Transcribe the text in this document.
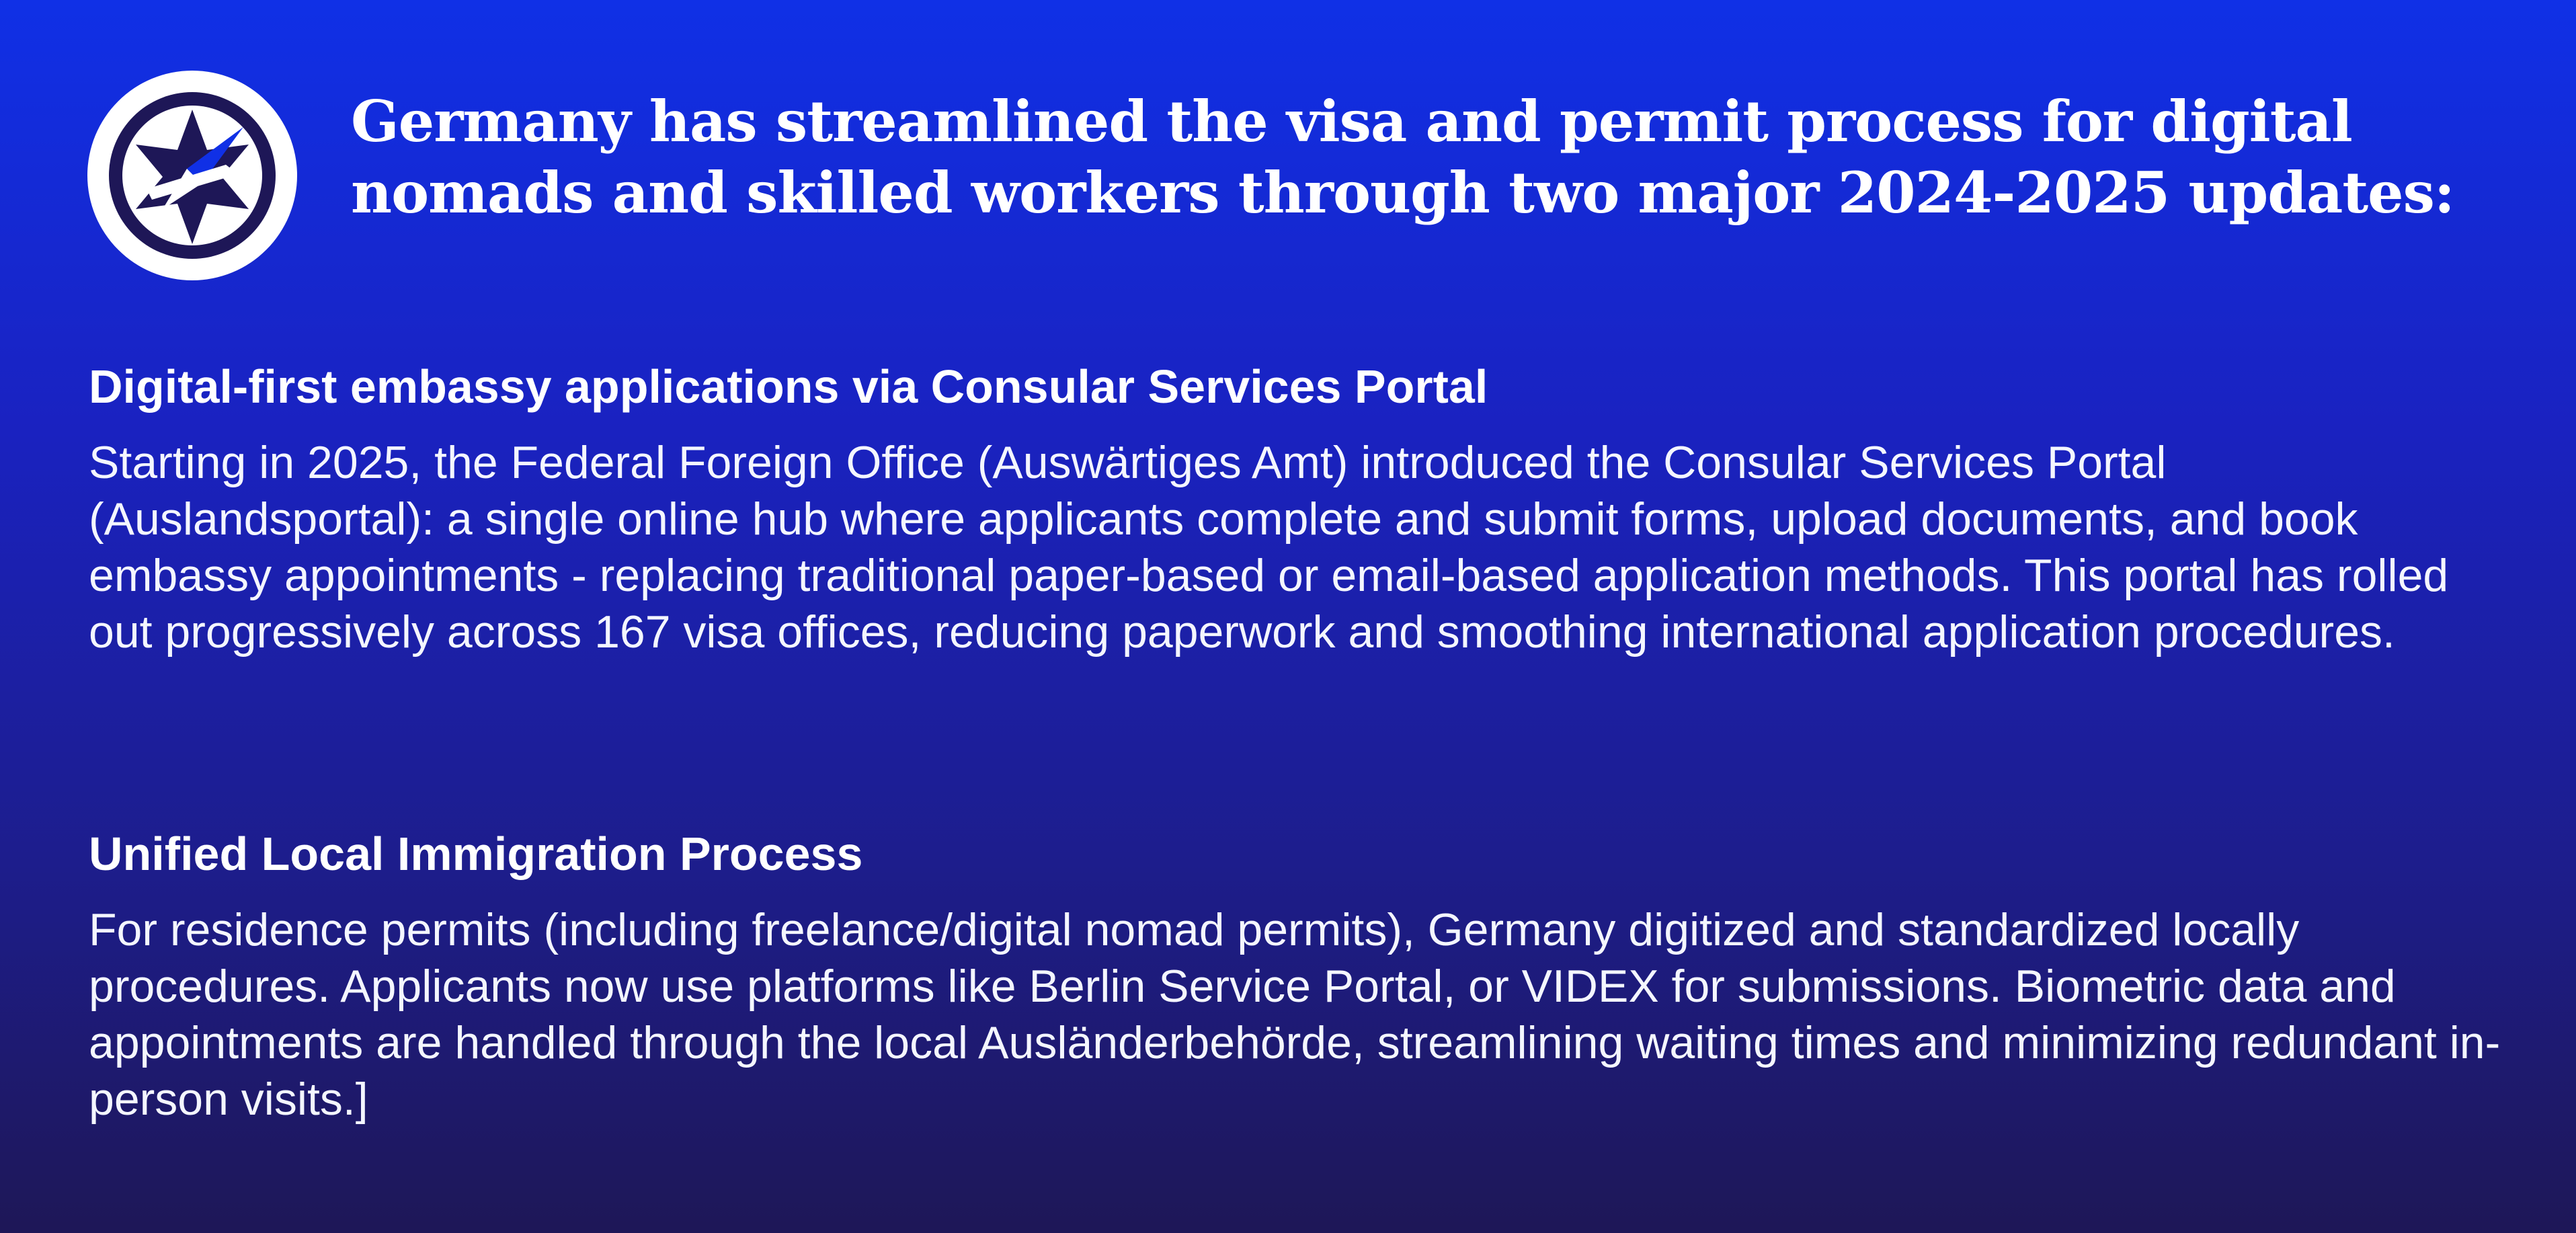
Germany has streamlined the visa and permit process for digital nomads and skilled workers through two major 2024-2025 updates:
Digital-first embassy applications via Consular Services Portal

Starting in 2025, the Federal Foreign Office (Auswärtiges Amt) introduced the Consular Services Portal (Auslandsportal): a single online hub where applicants complete and submit forms, upload documents, and book embassy appointments - replacing traditional paper-based or email-based application methods. This portal has rolled out progressively across 167 visa offices, reducing paperwork and smoothing international application procedures.

Unified Local Immigration Process

For residence permits (including freelance/digital nomad permits), Germany digitized and standardized locally procedures. Applicants now use platforms like Berlin Service Portal, or VIDEX for submissions. Biometric data and appointments are handled through the local Ausländerbehörde, streamlining waiting times and minimizing redundant in-person visits.]
